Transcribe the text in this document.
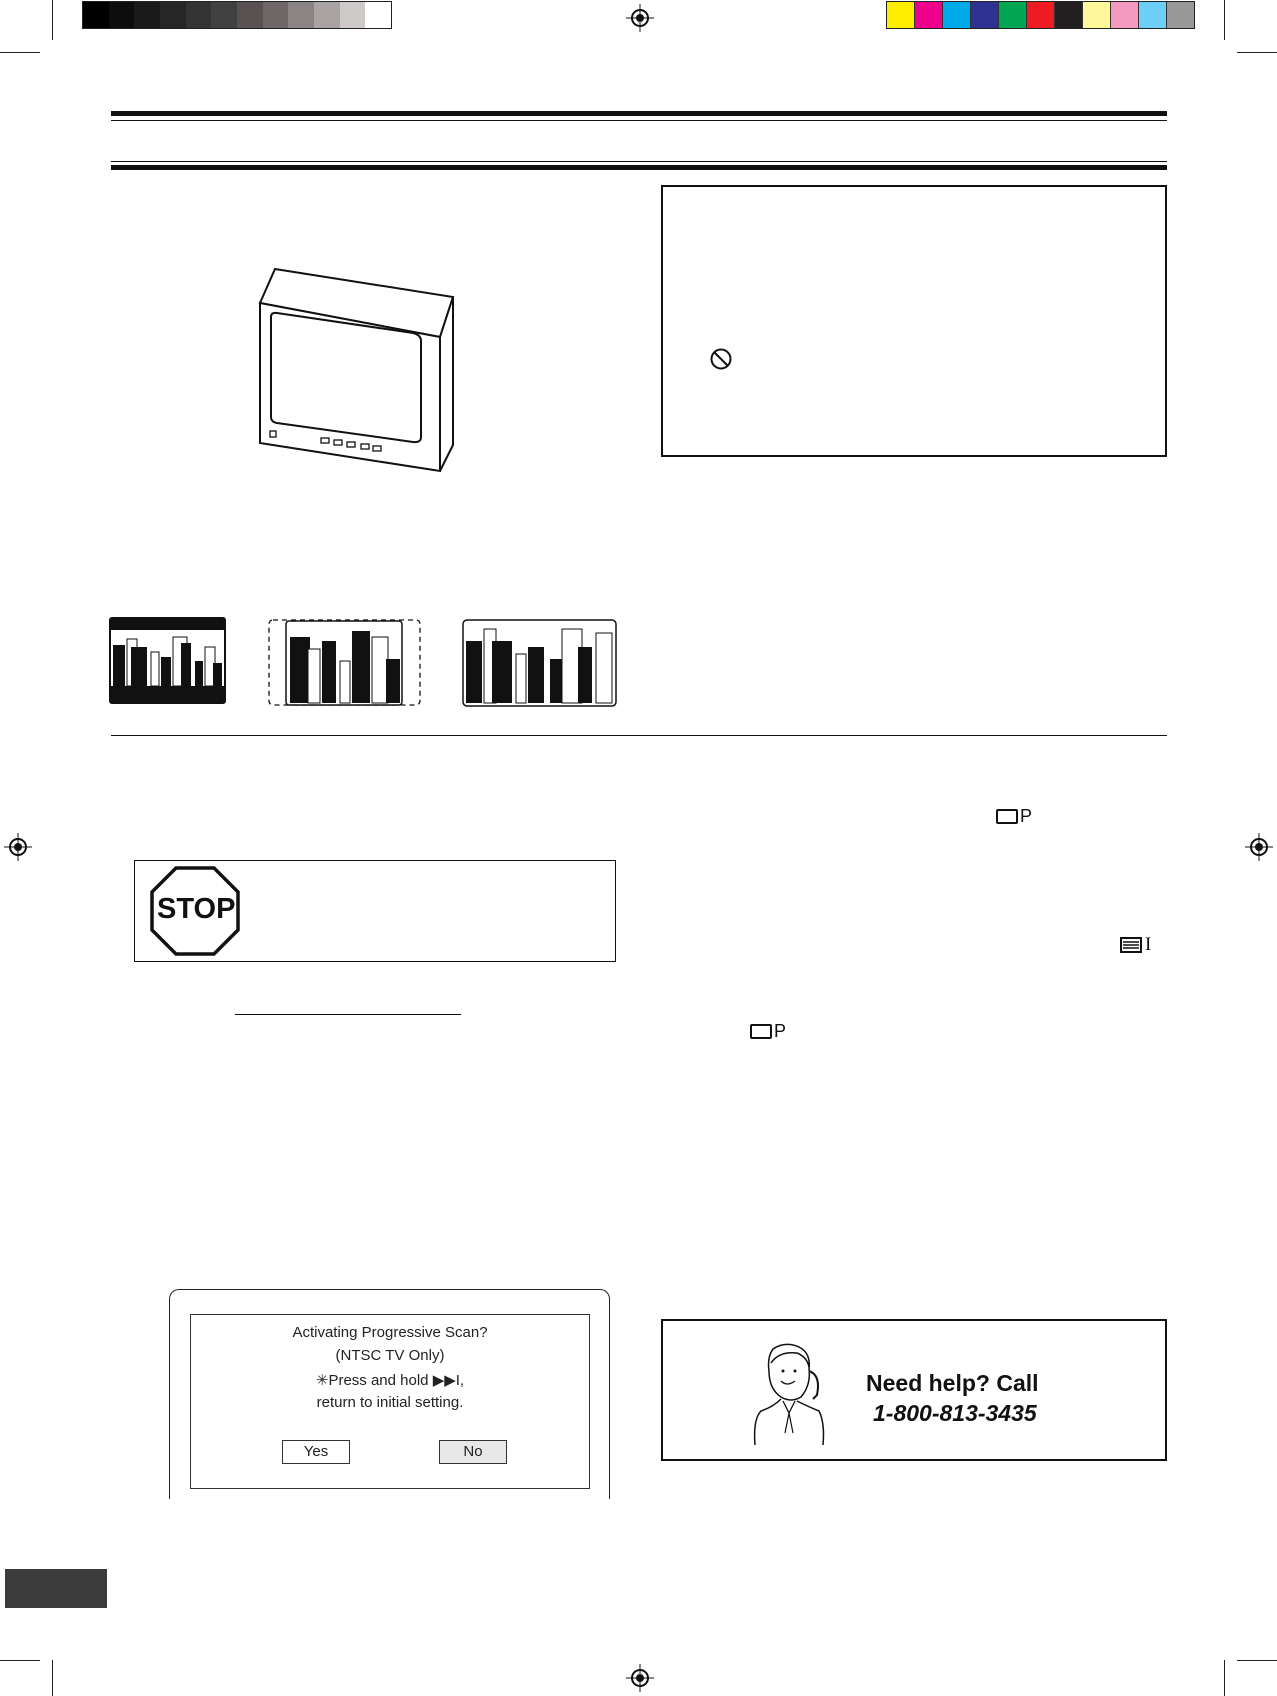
STOP
P
I
P
Activating Progressive Scan?
(NTSC TV Only)
✳Press and hold ▶▶I,
return to initial setting.
Yes	No
Need help? Call
1-800-813-3435
